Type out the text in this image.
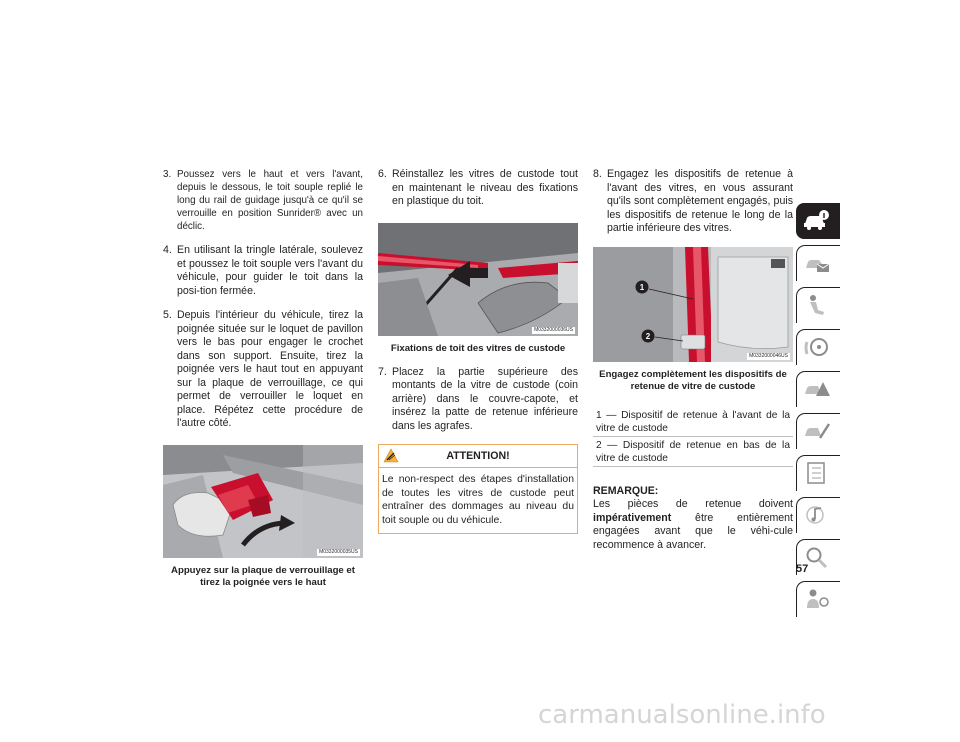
3. Poussez vers le haut et vers l'avant, depuis le dessous, le toit souple replié le long du rail de guidage jusqu'à ce qu'il se verrouille en position Sunrider® avec un déclic.
4. En utilisant la tringle latérale, soulevez et poussez le toit souple vers l'avant du véhicule, pour guider le toit dans la posi-tion fermée.
5. Depuis l'intérieur du véhicule, tirez la poignée située sur le loquet de pavillon vers le bas pour engager le crochet dans son support. Ensuite, tirez la poignée vers le haut tout en appuyant sur la plaque de verrouillage, ce qui permet de verrouiller le loquet en place. Répétez cette procédure de l'autre côté.
M0332000035US
Appuyez sur la plaque de verrouillage et tirez la poignée vers le haut
6. Réinstallez les vitres de custode tout en maintenant le niveau des fixations en plastique du toit.
M0332000036US
Fixations de toit des vitres de custode
7. Placez la partie supérieure des montants de la vitre de custode (coin arrière) dans le couvre-capote, et insérez la patte de retenue inférieure dans les agrafes.
ATTENTION!
Le non-respect des étapes d'installation de toutes les vitres de custode peut entraîner des dommages au niveau du toit souple ou du véhicule.
8. Engagez les dispositifs de retenue à l'avant des vitres, en vous assurant qu'ils sont complètement engagés, puis les dispositifs de retenue le long de la partie inférieure des vitres.
1
2
M0332000046US
Engagez complètement les dispositifs de retenue de vitre de custode
1 — Dispositif de retenue à l'avant de la vitre de custode
2 — Dispositif de retenue en bas de la vitre de custode
REMARQUE:
Les pièces de retenue doivent impérativement être entièrement engagées avant que le véhi-cule recommence à avancer.
57
carmanualsonline.info
